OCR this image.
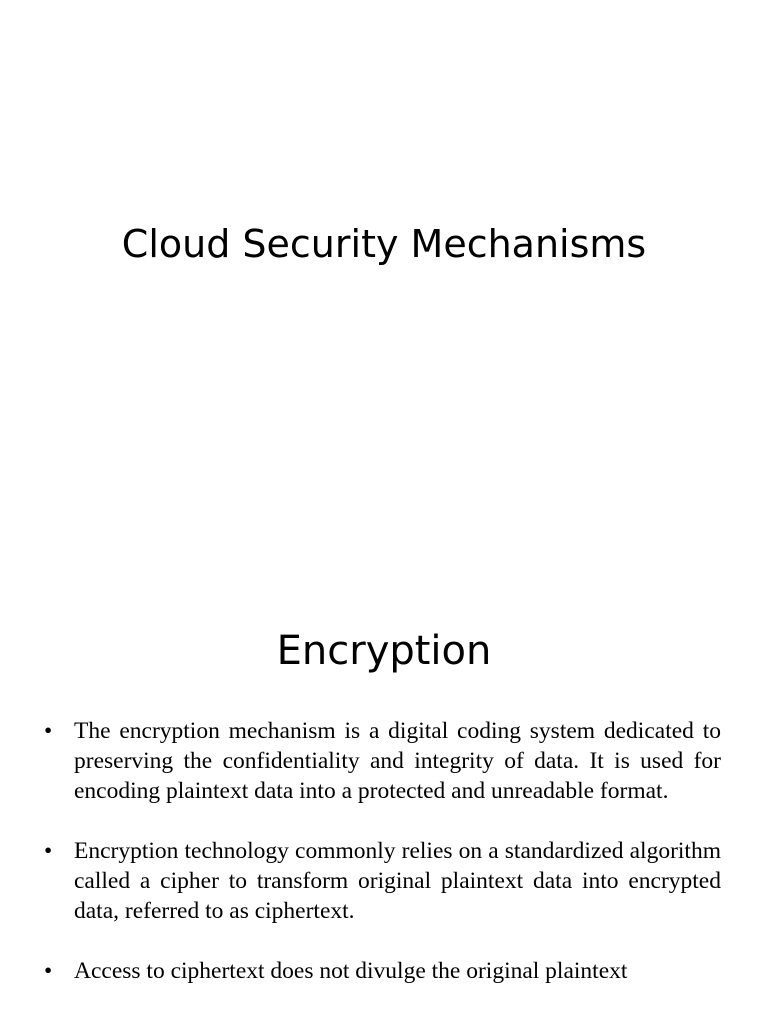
Cloud Security Mechanisms
Encryption
• The encryption mechanism is a digital coding system dedicated to preserving the confidentiality and integrity of data. It is used for encoding plaintext data into a protected and unreadable format.
• Encryption technology commonly relies on a standardized algorithm called a cipher to transform original plaintext data into encrypted data, referred to as ciphertext.
• Access to ciphertext does not divulge the original plaintext
